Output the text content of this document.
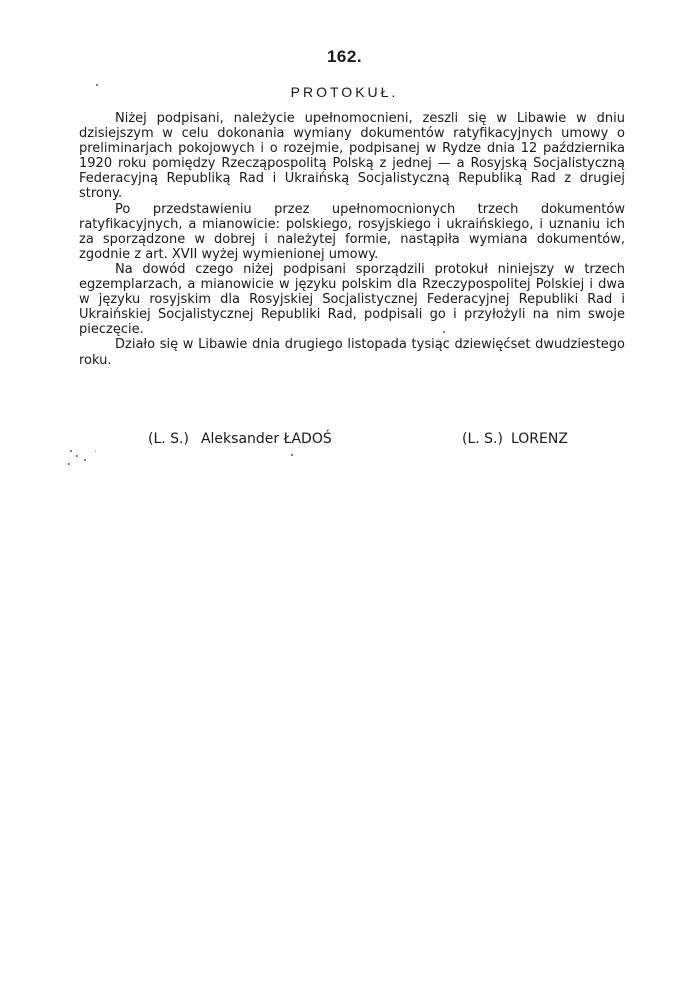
162.
PROTOKUŁ.

Niżej podpisani, należycie upełnomocnieni, zeszli się w Libawie w dniu dzisiejszym w celu dokonania wymiany dokumentów ratyfikacyjnych umowy o preliminarjach pokojowych i o rozejmie, podpisanej w Rydze dnia 12 października 1920 roku pomiędzy Rzecząpospolitą Polską z jednej — a Rosyjską Socjalistyczną Federacyjną Republiką Rad i Ukraińską Socjalistyczną Republiką Rad z drugiej strony.

Po przedstawieniu przez upełnomocnionych trzech dokumentów ratyfikacyjnych, a mianowicie: polskiego, rosyjskiego i ukraińskiego, i uznaniu ich za sporządzone w dobrej i należytej formie, nastąpiła wymiana dokumentów, zgodnie z art. XVII wyżej wymienionej umowy.

Na dowód czego niżej podpisani sporządzili protokuł niniejszy w trzech egzemplarzach, a mianowicie w języku polskim dla Rzeczypospolitej Polskiej i dwa w języku rosyjskim dla Rosyjskiej Socjalistycznej Federacyjnej Republiki Rad i Ukraińskiej Socjalistycznej Republiki Rad, podpisali go i przyłożyli na nim swoje pieczęcie.

Działo się w Libawie dnia drugiego listopada tysiąc dziewięćset dwudziestego roku.

(L. S.) Aleksander ŁADOŚ	(L. S.) LORENZ
